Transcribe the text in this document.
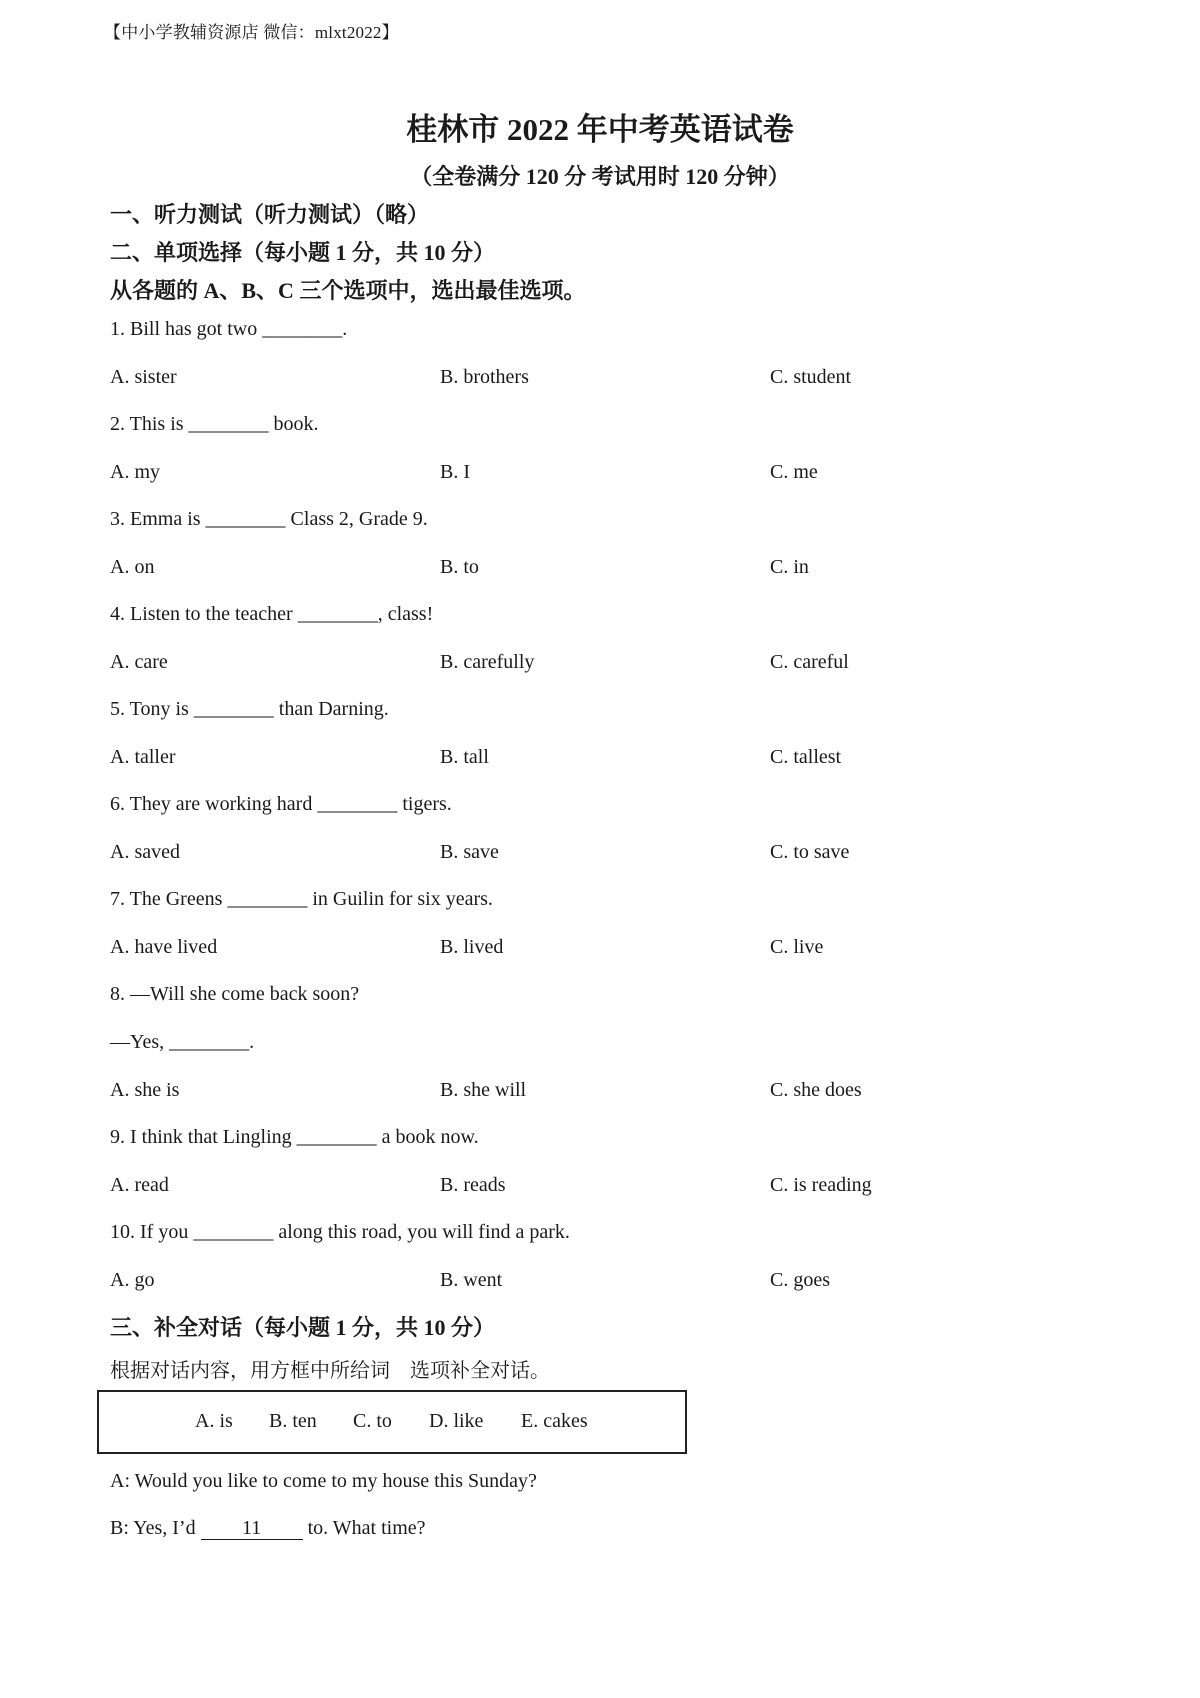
【中小学教辅资源店 微信：mlxt2022】
桂林市 2022 年中考英语试卷
（全卷满分 120 分 考试用时 120 分钟）
一、听力测试（听力测试）（略）
二、单项选择（每小题 1 分，共 10 分）
从各题的 A、B、C 三个选项中，选出最佳选项。
1. Bill has got two ________.
A. sister	B. brothers	C. student
2. This is ________ book.
A. my	B. I	C. me
3. Emma is ________ Class 2, Grade 9.
A. on	B. to	C. in
4. Listen to the teacher ________, class!
A. care	B. carefully	C. careful
5. Tony is ________ than Darning.
A. taller	B. tall	C. tallest
6. They are working hard ________ tigers.
A. saved	B. save	C. to save
7. The Greens ________ in Guilin for six years.
A. have lived	B. lived	C. live
8. —Will she come back soon?
—Yes, ________.
A. she is	B. she will	C. she does
9. I think that Lingling ________ a book now.
A. read	B. reads	C. is reading
10. If you ________ along this road, you will find a park.
A. go	B. went	C. goes
三、补全对话（每小题 1 分，共 10 分）
根据对话内容，用方框中所给词　选项补全对话。
A. is B. ten C. to D. like E. cakes
A: Would you like to come to my house this Sunday?
B: Yes, I’d 11 to. What time?
